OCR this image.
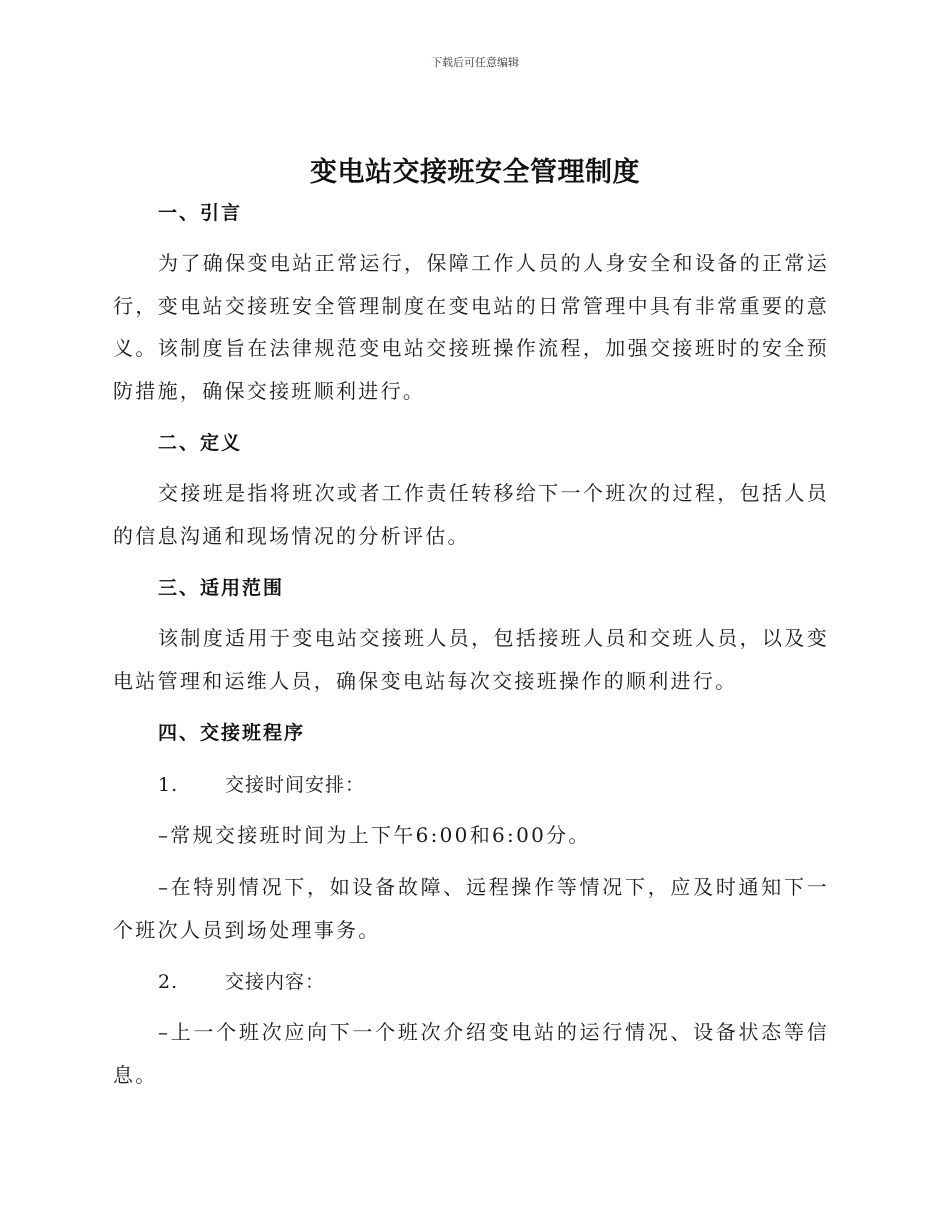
下载后可任意编辑
变电站交接班安全管理制度
一、引言
为了确保变电站正常运行，保障工作人员的人身安全和设备的正常运行，变电站交接班安全管理制度在变电站的日常管理中具有非常重要的意义。该制度旨在法律规范变电站交接班操作流程，加强交接班时的安全预防措施，确保交接班顺利进行。
二、定义
交接班是指将班次或者工作责任转移给下一个班次的过程，包括人员的信息沟通和现场情况的分析评估。
三、适用范围
该制度适用于变电站交接班人员，包括接班人员和交班人员，以及变电站管理和运维人员，确保变电站每次交接班操作的顺利进行。
四、交接班程序
1. 交接时间安排：
–常规交接班时间为上下午6:00和6:00分。
–在特别情况下，如设备故障、远程操作等情况下，应及时通知下一个班次人员到场处理事务。
2. 交接内容：
–上一个班次应向下一个班次介绍变电站的运行情况、设备状态等信息。
